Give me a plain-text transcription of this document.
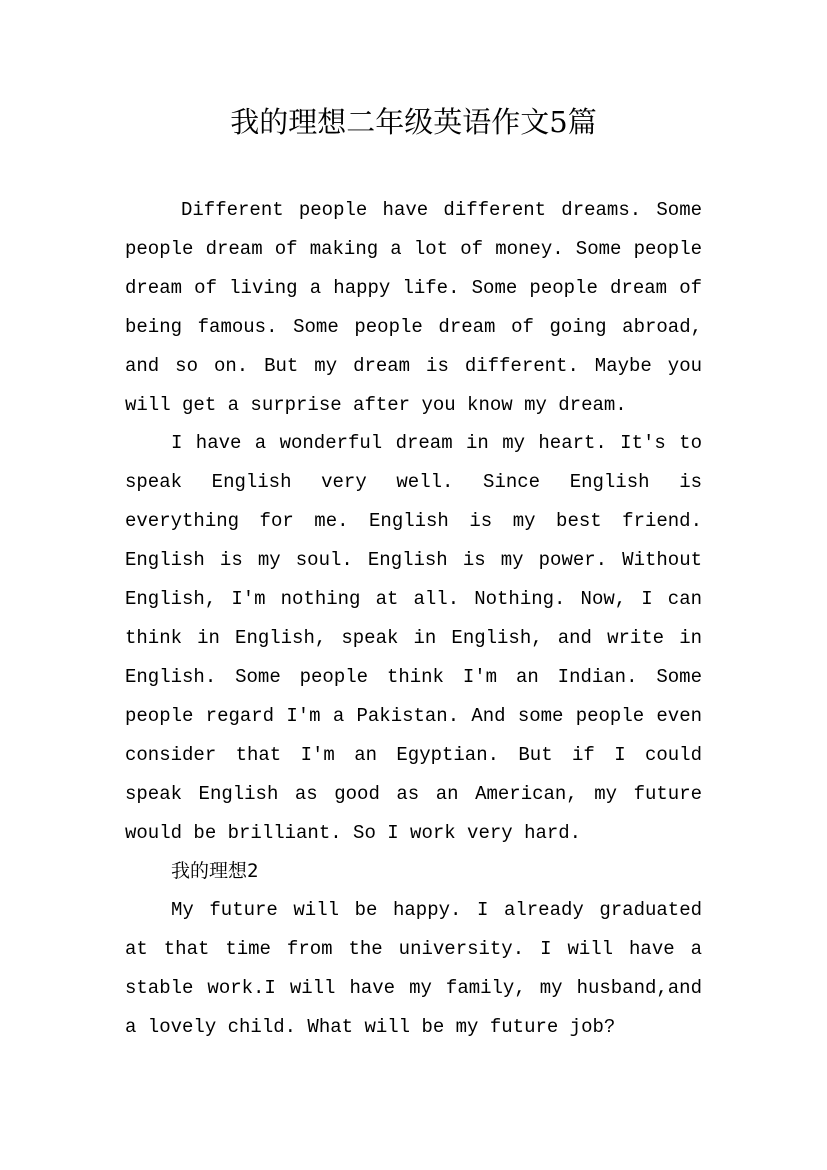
我的理想二年级英语作文5篇

Different people have different dreams. Some people dream of making a lot of money. Some people dream of living a happy life. Some people dream of being famous. Some people dream of going abroad, and so on. But my dream is different. Maybe you will get a surprise after you know my dream.

I have a wonderful dream in my heart. It's to speak English very well. Since English is everything for me. English is my best friend. English is my soul. English is my power. Without English, I'm nothing at all. Nothing. Now, I can think in English, speak in English, and write in English. Some people think I'm an Indian. Some people regard I'm a Pakistan. And some people even consider that I'm an Egyptian. But if I could speak English as good as an American, my future would be brilliant. So I work very hard.

我的理想2

My future will be happy. I already graduated at that time from the university. I will have a stable work.I will have my family, my husband,and a lovely child. What will be my future job?
